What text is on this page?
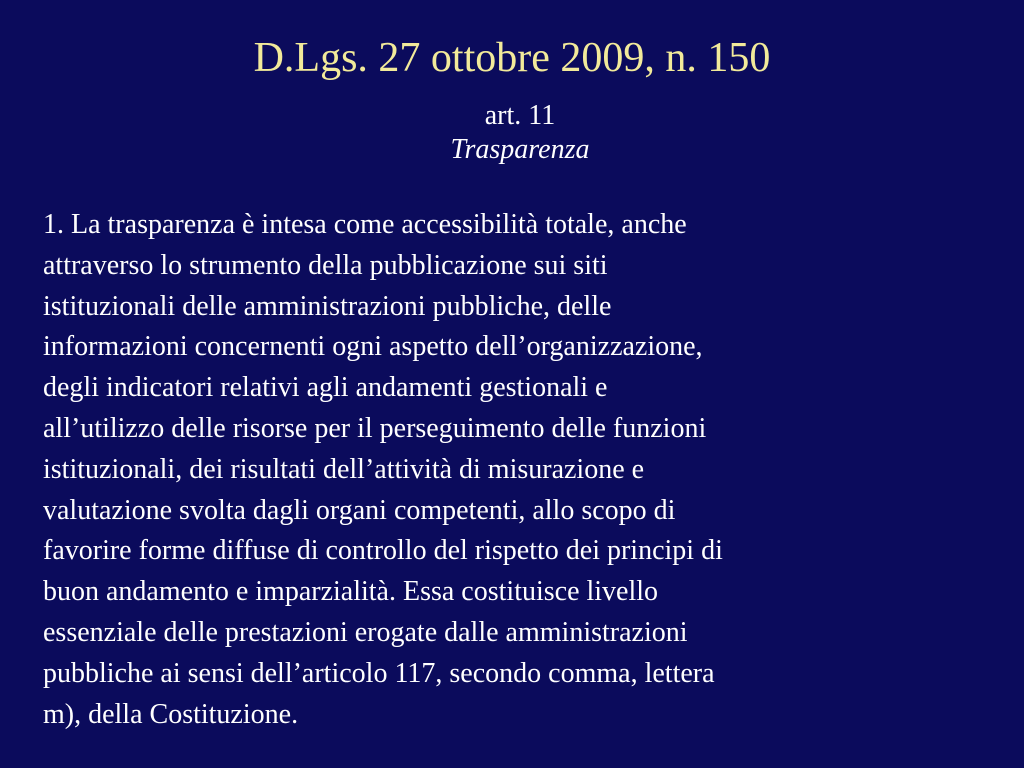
D.Lgs. 27 ottobre 2009, n. 150
art. 11
Trasparenza

1. La trasparenza è intesa come accessibilità totale, anche
attraverso lo strumento della pubblicazione sui siti
istituzionali delle amministrazioni pubbliche, delle
informazioni concernenti ogni aspetto dell’organizzazione,
degli indicatori relativi agli andamenti gestionali e
all’utilizzo delle risorse per il perseguimento delle funzioni
istituzionali, dei risultati dell’attività di misurazione e
valutazione svolta dagli organi competenti, allo scopo di
favorire forme diffuse di controllo del rispetto dei principi di
buon andamento e imparzialità. Essa costituisce livello
essenziale delle prestazioni erogate dalle amministrazioni
pubbliche ai sensi dell’articolo 117, secondo comma, lettera
m), della Costituzione.
